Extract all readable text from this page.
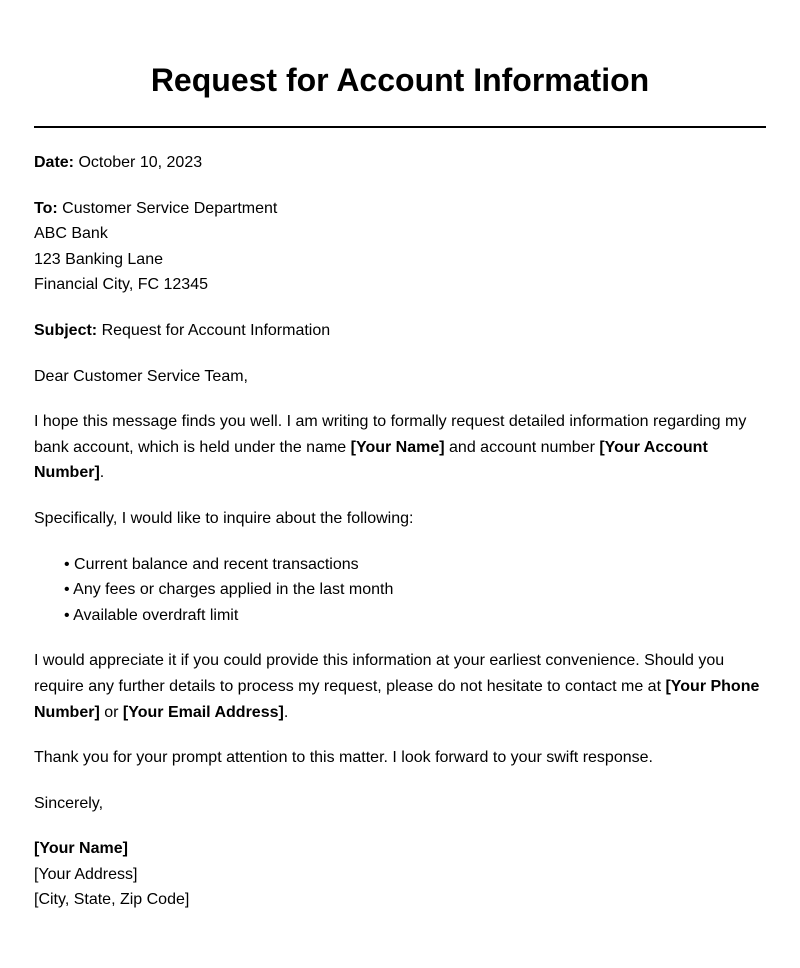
Request for Account Information

Date: October 10, 2023

To: Customer Service Department

ABC Bank

123 Banking Lane

Financial City, FC 12345

Subject: Request for Account Information

Dear Customer Service Team,

I hope this message finds you well. I am writing to formally request detailed information regarding my bank account, which is held under the name [Your Name] and account number [Your Account Number].

Specifically, I would like to inquire about the following:

• Current balance and recent transactions
• Any fees or charges applied in the last month
• Available overdraft limit

I would appreciate it if you could provide this information at your earliest convenience. Should you require any further details to process my request, please do not hesitate to contact me at [Your Phone Number] or [Your Email Address].

Thank you for your prompt attention to this matter. I look forward to your swift response.

Sincerely,

[Your Name]

[Your Address]

[City, State, Zip Code]
